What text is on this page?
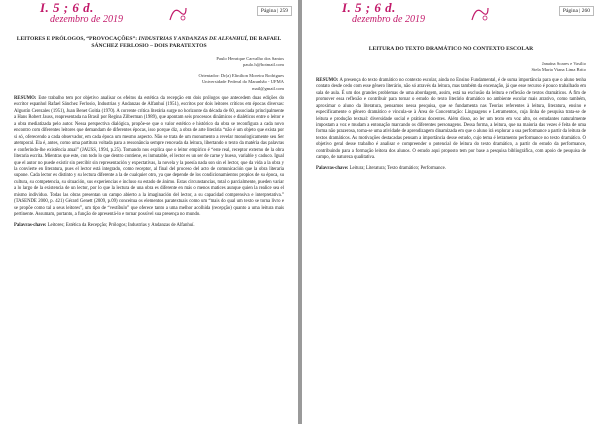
I. 5 ; 6 d.
dezembro de 2019
Página | 259
LEITORES E PRÓLOGOS, “PROVOCAÇÕES”: INDUSTRIAS Y ANDANZAS DE ALFANHUÍ, DE RAFAEL SÁNCHEZ FERLOSIO – DOIS PARATEXTOS
Paulo Henrique Carvalho dos Santos
paulo.h@hotmail.com
Orientador: Dr(a) Elinilton Moreira Rodrigues
Universidade Federal do Maranhão - UFMA
mail@gmail.com
RESUMO: Este trabalho tem por objetivo analisar os efeitos da estética da recepção em dois prólogos que antecedem duas edições do escritor espanhol Rafael Sánchez Ferlosio, Industrias y Andanzas de Alfanhuí (1951), escritos por dois leitores críticos em épocas diversas: Algustín Cerezales (1951), Juan Benet Goitia (1970). A corrente crítica literária surge no horizonte da década de 60, associada principalmente a Hans Robert Jauss, reapresentada na Brasil por Regina Zilberman (1989), que apontam seis processos dinâmicos e dialéticos entre o leitor e a obra mediatizada pelo autor. Nessa perspectiva dialógica, propõe-se que o valor estético e histórico da obra se reconfigura a cada novo encontro com diferentes leitores que demandam de diferentes épocas, isso porque diz, a obra de arte literária “não é um objeto que exista por si só, oferecendo a cada observador, em cada época um mesmo aspecto. Não se trata de um monumento a revelar monologicamente seu Ser atemporal. Ela é, antes, como uma partitura voltada para a ressonância sempre renovada da leitura, libertando o texto da matéria das palavras e conferindo-lhe existência atual” (JAUSS, 1994, p.25). Tomando nos explica que o leitor empírico é “este real, receptor externo de la obra literaria escrita. Mientras que este, con todo lo que dentro contiene, es inmutable, el lector es un ser de carne y hueso, variable y caduco. Igual que el autor no puede existir sin percibir sin representación y expectativas, la novela y la poesía nada son sin el lector, que da vida a la obra y la convierte en literatura, pues el lector está integrado, como receptor, al final del proceso del acto de comunicación que la obra literaria supone. Cada lector es distinto y su lectura diferente a la de cualquier otro, ya que depende de los condicionamientos propios de su época, su cultura, su competencia, su situación, sus experiencias e incluso su estado de ánimo. Estas circunstancias, total o parcialmente, pueden variar a lo largo de la existencia de un lector, por lo que la lectura de una obra es diferente en más o menos matices aunque quien la realice sea el mismo individuo. Todas las obras presentan un campo abierto a la imaginación del lector, a su capacidad comprensiva e interpretativa.” (TASENDE 2000, p. 421) Gérard Genett (2009, p.09) conceitua os elementos paratextuais como um “mais do qual um texto se torna livro e se propõe como tal a seus leitores”, um tipo de “vestíbulo” que oferece tanto a uma melhor acolhida (recepção) quanto a uma leitura mais pertinente. Assumam, portanto, a função de apresentá-lo e tornar possível sua presença no mundo.
Palavras-chave: Leitores; Estética da Recepção; Prólogos; Industrias y Andanzas de Alfanhuí.
I. 5 ; 6 d.
dezembro de 2019
Página | 260
LEITURA DO TEXTO DRAMÁTICO NO CONTEXTO ESCOLAR
Janaína Soares e Vasilio
Stela Maria Viana Lima Brito
RESUMO: A presença do texto dramático no contexto escolar, ainda no Ensino Fundamental, é de suma importância para que o aluno tenha contato desde cedo com esse gênero literário, não só através da leitura, mas também da encenação, já que esse recurso é pouco trabalhado em sala de aula. É um dos grandes problemas de uma abordagem, assim, está na exclusão da leitura e reflexão de textos dramáticos. A fim de promover essa reflexão e contribuir para tornar o estudo do texto literário dramático no ambiente escolar mais atrativo, como também, aproximar o aluno da literatura, pensamos nessa pesquisa, que se fundamenta nas Teorias referentes à leitura, literatura, ensino e especificamente o gênero dramático e vincula-se à Área de Concentração: Linguagens e Letramentos, cuja linha de pesquisa trata-se de leitura e produção textual: diversidade social e práticas docentes. Além disso, ao ler um texto em voz alto, os estudantes naturalmente impostam a voz e mudam a entonação marcando os diferentes personagens. Dessa forma, a leitura, que na maioria das vezes é feita de uma forma não prazerosa, torna-se uma atividade de aprendizagem dinamizada em que o aluno irá explorar a sua performance a partir da leitura de textos dramáticos. As motivações destacadas pensam a importância desse estudo, cujo tema é letramento performance no texto dramático. O objetivo geral desse trabalho é analisar e compreender o potencial de leitura do texto dramático, a partir do estudo da performance, contribuindo para a formação leitora dos alunos. O estudo aqui proposto tem por base a pesquisa bibliográfica, com apoio de pesquisa de campo, de natureza qualitativa.
Palavras-chave: Leitura; Literatura; Texto dramático; Performance.
